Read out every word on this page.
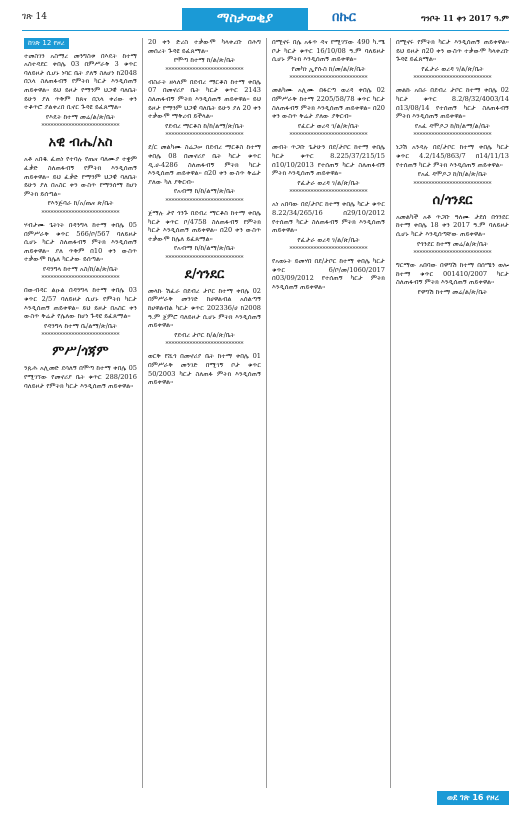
ገጽ 14	ማስታወቂያ	በኩር	ግንቦት 11 ቀን 2017 ዓ.ም
ከገጽ 12 የዞረ
ተመስገን አስማረ መንግስቱ በእዴት ከተማ አስተዳደር ቀበሌ 03 በምሥራቅ 3 ቁጥር ባለይዞታ ሲሆኑ ነባር ቤት ያለኝ ስለሆነ ከ2048 በኋላ ስለጠፋብኝ የምትክ ካርታ እንዲሰጠኝ ጠይቀዋል። ይህ ይዞታ የማንም ህጋዊ ባለቤት ይሁን ያለ ጥቅም ከጸና በኋላ ቀሪው ቀን ተቆጥሮ ያልቀረበ ቢኖር ጉዳዩ ይፈጸማል።
የእዴት ከተማ መሬ/ል/ጽ/ቤት
**************************
አዊ ብሔ/አስ
አቶ አበዱ ፈጠነ የተባሉ የጤና ባለሙያ ተቋም ፈቃድ ስለጠፋብኝ የምትክ እንዲሰጠኝ ጠይቀዋል። ይህ ፈቃድ የማንም ህጋዊ ባለቤት ይሁን ያለ በአስር ቀን ውስጥ የማንሰማ ከሆነ ምትክ ይሰጣል።
የእንጅባራ ከ/አ/ጤና ጽ/ቤት
**************************
ሃብታሙ ጌትነት በዳንግላ ከተማ ቀበሌ 05 በምሥራቅ ቁጥር 566/ቦ/567 ባለይዞታ ሲሆኑ ካርታ ስለጠፋብኝ ምትክ እንዲሰጠኝ ጠይቀዋል። ያለ ጥቅም በ10 ቀን ውስጥ ተቃውሞ ከሌለ ካርታው ይሰጣል።
የዳንግላ ከተማ አስ/ከ/ል/ጽ/ቤት
**************************
በውብዳር ልዑል በዳንግላ ከተማ ቀበሌ 03 ቁጥር 2/57 ባለይዞታ ሲሆኑ የምትክ ካርታ እንዲሰጠኝ ጠይቀዋል። ይህ ይዞታ በአስር ቀን ውስጥ ቅሬታ የሌለው ከሆነ ጉዳዩ ይፈጸማል።
የዳንግላ ከተማ ቤ/ልማ/ጽ/ቤት
**************************
ምሥ/ጎጃም
ንጹሕ አሊመድ ደሳለኝ በሞጣ ከተማ ቀበሌ 05 የሚገኘው የመኖሪያ ቤት ቁጥር 288/2016 ባለይዞታ የምትክ ካርታ እንዲሰጠኝ ጠይቀዋል።
20 ቀን ድረስ ተቃውሞ ካላቀረቡ በሕግ መሰረት ጉዳዩ ይፈጸማል።
የሞጣ ከተማ ከ/ል/ጽ/ቤት
**************************
ብስራት ዘላለም በደብረ ማርቆስ ከተማ ቀበሌ 07 በመኖሪያ ቤት ካርታ ቁጥር 2143 ስለጠፋብኝ ምትክ እንዲሰጠኝ ጠይቀዋል። ይህ ይዞታ የማንም ህጋዊ ባለቤት ይሁን ያለ 20 ቀን ተቃውሞ ማቅረብ ይችላል።
የደብረ ማርቆስ ከ/ከ/ልማ/ጽ/ቤት
**************************
ደ/ር መልካሙ ስሬጋሠ በደብረ ማርቆስ ከተማ ቀበሌ 08 በመኖሪያ ቤት ካርታ ቁጥር ዲ.ሀ-4286 ስለጠፋብኝ ምትክ ካርታ እንዲሰጠኝ ጠይቀዋል። በ20 ቀን ውስጥ ቅሬታ ያለው ካለ ያቅርብ።
የአብማ ከ/ከ/ልማ/ጽ/ቤት
**************************
ጀማሉ ታየ ጎንጉ በደብረ ማርቆስ ከተማ ቀበሌ ካርታ ቁጥር ቦ/4758 ስለጠፋብኝ የምትክ ካርታ እንዲሰጠኝ ጠይቀዋል። በ20 ቀን ውስጥ ተቃውሞ ከሌለ ይፈጸማል።
የአብማ ከ/ከ/ልማ/ጽ/ቤት
**************************
ደ/ጎንደር
መላኩ ሽፈራ በደብረ ታቦር ከተማ ቀበሌ 02 በምሥራቅ መንገድ ከሀዋልብል አሰልጣኝ ከሀዋልብል ካርታ ቁጥር 202336/ሀ ከ2008 ዓ.ም ጀምሮ ባለይዞታ ሲሆኑ ምትክ እንዲሰጠኝ ጠይቀዋል።
የደብረ ታቦር ከ/ል/ጽ/ቤት
**************************
ወርቅ የሺጎ በመኖሪያ ቤት ከተማ ቀበሌ 01 በምሥራቅ መንገድ በሚገኝ ቦታ ቁጥር 50/2003 ካርታ ስለጠፋ ምትክ እንዲሰጠኝ ጠይቀዋል።
በሚኖሩ በሌ አፋጥ ዳና የሚገኘው 490 ካ.ሜ ቦታ ካርታ ቁጥር 16/10/08 ዓ.ም ባለይዞታ ሲሆኑ ምትክ እንዲሰጠኝ ጠይቀዋል።
የመካነ ኢየሱስ ከ/መ/ል/ጽ/ቤት
**************************
መልካሙ አሊሙ በፋርጣ ወረዳ ቀበሌ 02 በምሥራቅ ከተማ 2205/58/78 ቁጥር ካርታ ስለጠፋብኝ ምትክ እንዲሰጠኝ ጠይቀዋል። በ20 ቀን ውስጥ ቅሬታ ያለው ያቅርብ።
የፈርታ ወረዳ ገ/ል/ጽ/ቤት
**************************
መብት ጥጋቡ ጌታሁን በደ/ታቦር ከተማ ቀበሌ ካርታ ቁጥር 8.225/37/215/15 በ10/10/2013 የተሰጠኝ ካርታ ስለጠፋብኝ ምትክ እንዲሰጠኝ ጠይቀዋል።
የፈታራ ወረዳ ገ/ል/ጽ/ቤት
**************************
አነ አበባው በደ/ታቦር ከተማ ቀበሌ ካርታ ቁጥር 8.22/34/265/16 በ29/10/2012 የተሰጠኝ ካርታ ስለጠፋብኝ ምትክ እንዲሰጠኝ ጠይቀዋል።
የፈታራ ወረዳ ገ/ል/ጽ/ቤት
**************************
የአወኑት ይመሃበ በደ/ታቦር ከተማ ቀበሌ ካርታ ቁጥር 6/ቦ/መ/1060/2017 በ03/09/2012 የተሰጠኝ ካርታ ምትክ እንዲሰጠኝ ጠይቀዋል።
በሚኖሩ የምትክ ካርታ እንዲሰጠኝ ጠይቀዋል። ይህ ይዞታ በ20 ቀን ውስጥ ተቃውሞ ካላቀረቡ ጉዳዩ ይፈጸማል።
የፈታራ ወረዳ ገ/ል/ጽ/ቤት
**************************
መልኩ አበራ በደብረ ታቦር ከተማ ቀበሌ 02 ካርታ ቁጥር 8.2/8/32/4003/14 በ13/08/14 የተሰጠኝ ካርታ ስለጠፋብኝ ምትክ እንዲሰጠኝ ጠይቀዋል።
የአፈ ዳሞዶጋ ከ/ከ/ልማ/ል/ቤት
**************************
ነጋሽ አንዳሉ በደ/ታቦር ከተማ ቀበሌ ካርታ ቁጥር 4.2/145/863/7 በ14/11/13 የተሰጠኝ ካርታ ምትክ እንዲሰጠኝ ጠይቀዋል።
የአፈ ዳሞዶጋ ከ/ከ/ል/ጽ/ቤት
**************************
ሰ/ጎንደር
አመልካች አቶ ጥጋቡ ዓለሙ ታደሰ በጎንደር ከተማ ቀበሌ 18 ቀን 2017 ዓ.ም ባለይዞታ ሲሆኑ ካርታ እንዲሰጣቸው ጠይቀዋል።
የጎንደር ከተማ መሬ/ል/ጽ/ቤት
**************************
ግርማው አበባው በዋግሽ ከተማ በሰሜን ወሎ ከተማ ቁጥር 001410/2007 ካርታ ስለጠፋብኝ ምትክ እንዲሰጠኝ ጠይቀዋል።
የዋግሽ ከተማ መሬ/ል/ጽ/ቤት
ወደ ገጽ 16 የዞረ
